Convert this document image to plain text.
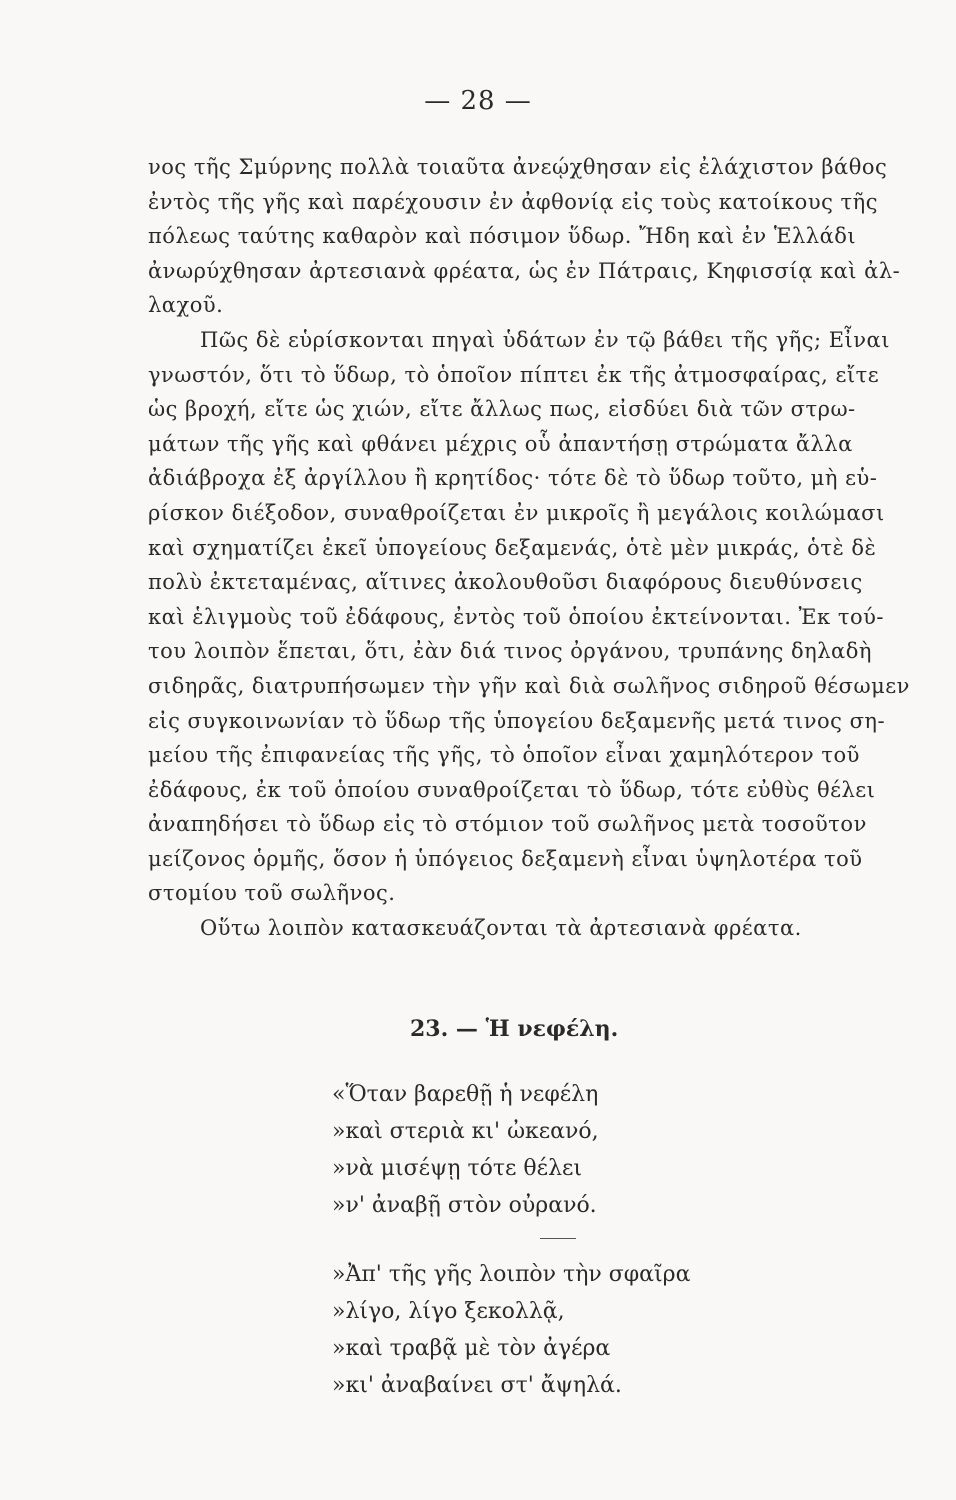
— 28 —
νος τῆς Σμύρνης πολλὰ τοιαῦτα ἀνεῴχθησαν εἰς ἐλάχιστον βάθος
ἐντὸς τῆς γῆς καὶ παρέχουσιν ἐν ἀφθονίᾳ εἰς τοὺς κατοίκους τῆς
πόλεως ταύτης καθαρὸν καὶ πόσιμον ὕδωρ. Ἤδη καὶ ἐν Ἑλλάδι
ἀνωρύχθησαν ἀρτεσιανὰ φρέατα, ὡς ἐν Πάτραις, Κηφισσίᾳ καὶ ἀλ-
λαχοῦ.
Πῶς δὲ εὑρίσκονται πηγαὶ ὑδάτων ἐν τῷ βάθει τῆς γῆς; Εἶναι
γνωστόν, ὅτι τὸ ὕδωρ, τὸ ὁποῖον πίπτει ἐκ τῆς ἀτμοσφαίρας, εἴτε
ὡς βροχή, εἴτε ὡς χιών, εἴτε ἄλλως πως, εἰσδύει διὰ τῶν στρω-
μάτων τῆς γῆς καὶ φθάνει μέχρις οὗ ἀπαντήσῃ στρώματα ἄλλα
ἀδιάβροχα ἐξ ἀργίλλου ἢ κρητίδος· τότε δὲ τὸ ὕδωρ τοῦτο, μὴ εὑ-
ρίσκον διέξοδον, συναθροίζεται ἐν μικροῖς ἢ μεγάλοις κοιλώμασι
καὶ σχηματίζει ἐκεῖ ὑπογείους δεξαμενάς, ὁτὲ μὲν μικράς, ὁτὲ δὲ
πολὺ ἐκτεταμένας, αἵτινες ἀκολουθοῦσι διαφόρους διευθύνσεις
καὶ ἑλιγμοὺς τοῦ ἐδάφους, ἐντὸς τοῦ ὁποίου ἐκτείνονται. Ἐκ τού-
του λοιπὸν ἕπεται, ὅτι, ἐὰν διά τινος ὀργάνου, τρυπάνης δηλαδὴ
σιδηρᾶς, διατρυπήσωμεν τὴν γῆν καὶ διὰ σωλῆνος σιδηροῦ θέσωμεν
εἰς συγκοινωνίαν τὸ ὕδωρ τῆς ὑπογείου δεξαμενῆς μετά τινος ση-
μείου τῆς ἐπιφανείας τῆς γῆς, τὸ ὁποῖον εἶναι χαμηλότερον τοῦ
ἐδάφους, ἐκ τοῦ ὁποίου συναθροίζεται τὸ ὕδωρ, τότε εὐθὺς θέλει
ἀναπηδήσει τὸ ὕδωρ εἰς τὸ στόμιον τοῦ σωλῆνος μετὰ τοσοῦτον
μείζονος ὁρμῆς, ὅσον ἡ ὑπόγειος δεξαμενὴ εἶναι ὑψηλοτέρα τοῦ
στομίου τοῦ σωλῆνος.
Οὕτω λοιπὸν κατασκευάζονται τὰ ἀρτεσιανὰ φρέατα.
23. — Ἡ νεφέλη.
«Ὅταν βαρεθῇ ἡ νεφέλη
»καὶ στεριὰ κι' ὠκεανό,
»νὰ μισέψῃ τότε θέλει
»ν' ἀναβῇ στὸν οὐρανό.
»Ἀπ' τῆς γῆς λοιπὸν τὴν σφαῖρα
»λίγο, λίγο ξεκολλᾷ,
»καὶ τραβᾷ μὲ τὸν ἀγέρα
»κι' ἀναβαίνει στ' ἄψηλά.
